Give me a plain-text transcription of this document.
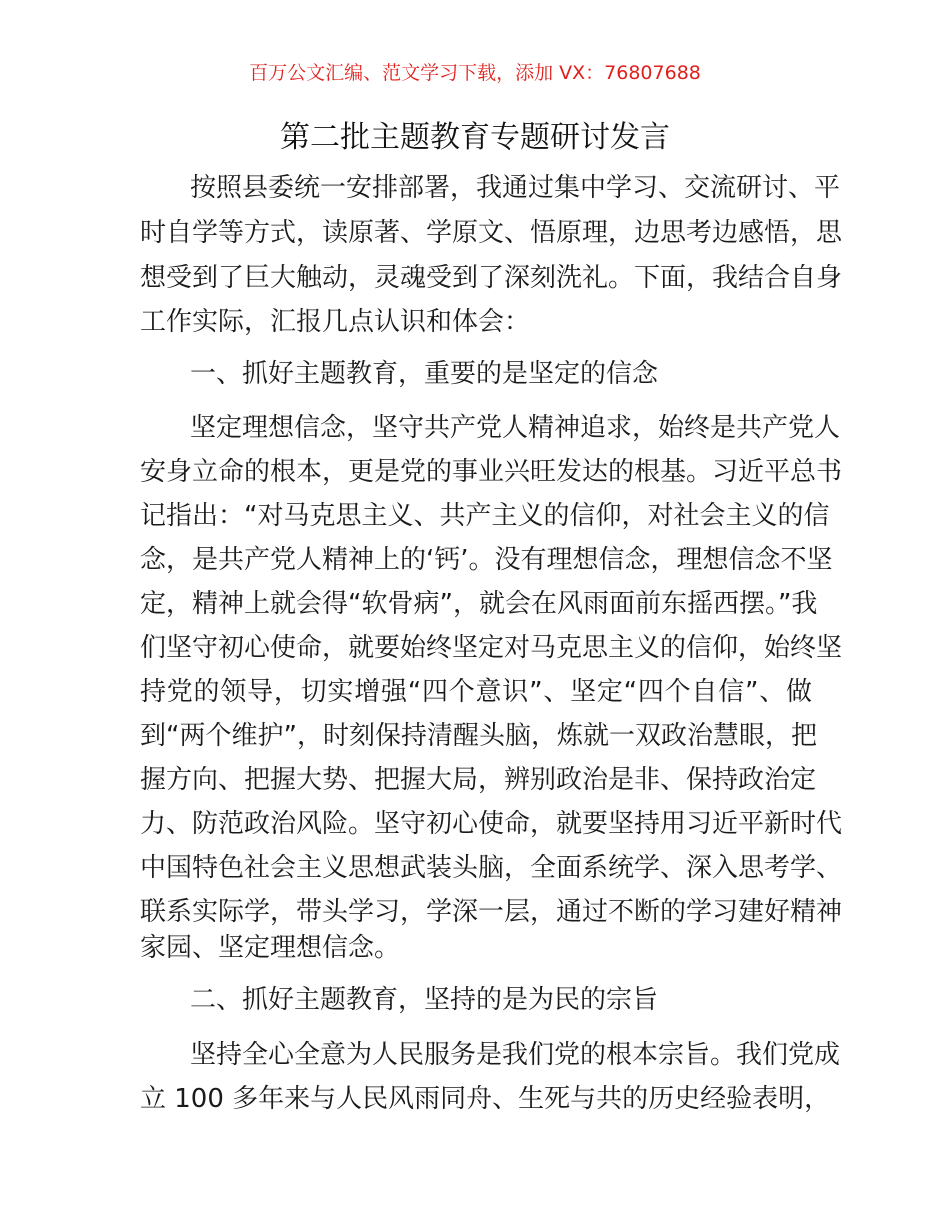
百万公文汇编、范文学习下载，添加 VX：76807688
第二批主题教育专题研讨发言
按照县委统一安排部署，我通过集中学习、交流研讨、平
时自学等方式，读原著、学原文、悟原理，边思考边感悟，思
想受到了巨大触动，灵魂受到了深刻洗礼。下面，我结合自身
工作实际，汇报几点认识和体会：
一、抓好主题教育，重要的是坚定的信念
坚定理想信念，坚守共产党人精神追求，始终是共产党人
安身立命的根本，更是党的事业兴旺发达的根基。习近平总书
记指出：“对马克思主义、共产主义的信仰，对社会主义的信
念，是共产党人精神上的‘钙’。没有理想信念，理想信念不坚
定，精神上就会得“软骨病”，就会在风雨面前东摇西摆。”我
们坚守初心使命，就要始终坚定对马克思主义的信仰，始终坚
持党的领导，切实增强“四个意识”、坚定“四个自信”、做
到“两个维护”，时刻保持清醒头脑，炼就一双政治慧眼，把
握方向、把握大势、把握大局，辨别政治是非、保持政治定
力、防范政治风险。坚守初心使命，就要坚持用习近平新时代
中国特色社会主义思想武装头脑，全面系统学、深入思考学、
联系实际学，带头学习，学深一层，通过不断的学习建好精神
家园、坚定理想信念。
二、抓好主题教育，坚持的是为民的宗旨
坚持全心全意为人民服务是我们党的根本宗旨。我们党成
立 100 多年来与人民风雨同舟、生死与共的历史经验表明，
